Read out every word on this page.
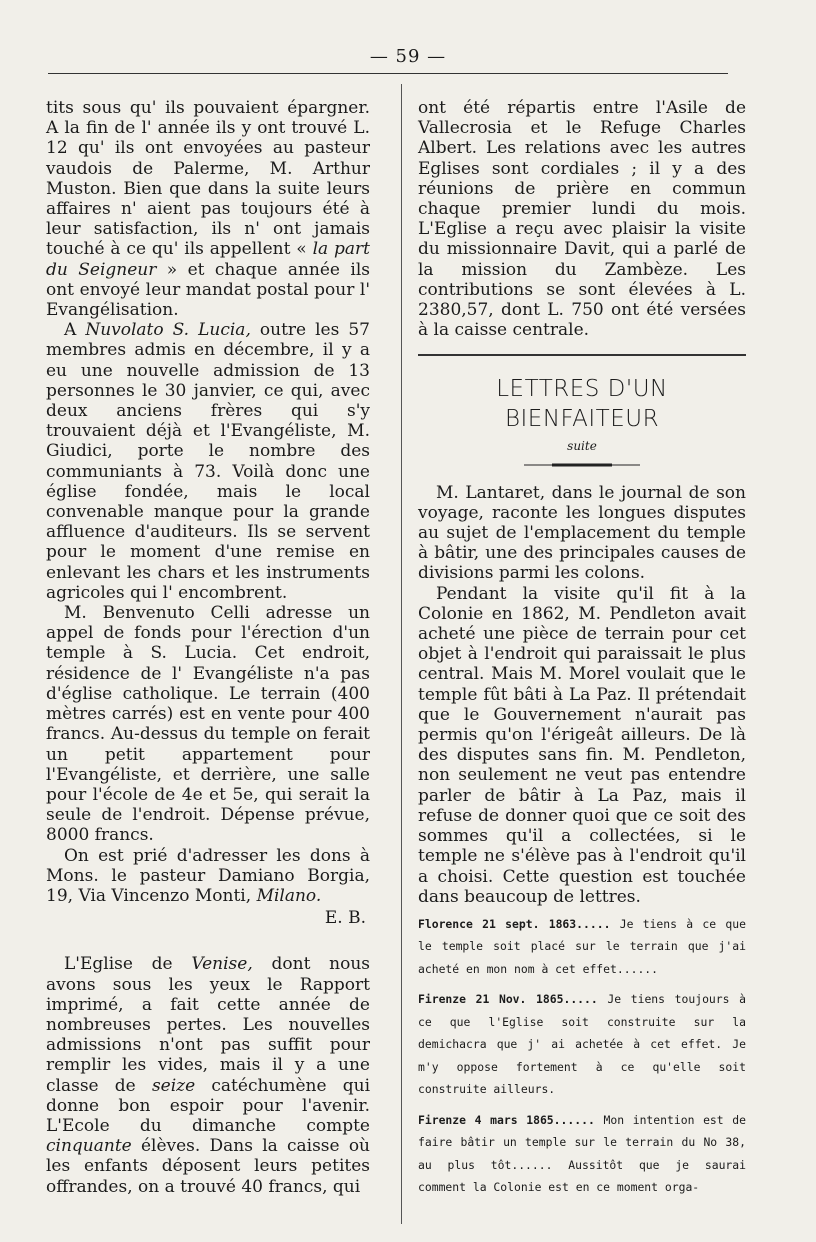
— 59 —

tits sous qu' ils pouvaient épargner. A la fin de l' année ils y ont trouvé L. 12 qu' ils ont envoyées au pasteur vaudois de Palerme, M. Arthur Muston. Bien que dans la suite leurs affaires n' aient pas toujours été à leur satisfaction, ils n' ont jamais touché à ce qu' ils appellent « la part du Seigneur » et chaque année ils ont envoyé leur mandat postal pour l' Evangélisation.

A Nuvolato S. Lucia, outre les 57 membres admis en décembre, il y a eu une nouvelle admission de 13 personnes le 30 janvier, ce qui, avec deux anciens frères qui s'y trouvaient déjà et l'Evangéliste, M. Giudici, porte le nombre des communiants à 73. Voilà donc une église fondée, mais le local convenable manque pour la grande affluence d'auditeurs. Ils se servent pour le moment d'une remise en enlevant les chars et les instruments agricoles qui l' encombrent.

M. Benvenuto Celli adresse un appel de fonds pour l'érection d'un temple à S. Lucia. Cet endroit, résidence de l' Evangéliste n'a pas d'église catholique. Le terrain (400 mètres carrés) est en vente pour 400 francs. Au-dessus du temple on ferait un petit appartement pour l'Evangéliste, et derrière, une salle pour l'école de 4e et 5e, qui serait la seule de l'endroit. Dépense prévue, 8000 francs.

On est prié d'adresser les dons à Mons. le pasteur Damiano Borgia, 19, Via Vincenzo Monti, Milano.

E. B.

L'Eglise de Venise, dont nous avons sous les yeux le Rapport imprimé, a fait cette année de nombreuses pertes. Les nouvelles admissions n'ont pas suffit pour remplir les vides, mais il y a une classe de seize catéchumène qui donne bon espoir pour l'avenir. L'Ecole du dimanche compte cinquante élèves. Dans la caisse où les enfants déposent leurs petites offrandes, on a trouvé 40 francs, qui

ont été répartis entre l'Asile de Vallecrosia et le Refuge Charles Albert. Les relations avec les autres Eglises sont cordiales ; il y a des réunions de prière en commun chaque premier lundi du mois. L'Eglise a reçu avec plaisir la visite du missionnaire Davit, qui a parlé de la mission du Zambèze. Les contributions se sont élevées à L. 2380,57, dont L. 750 ont été versées à la caisse centrale.

LETTRES D'UN BIENFAITEUR
suite

M. Lantaret, dans le journal de son voyage, raconte les longues disputes au sujet de l'emplacement du temple à bâtir, une des principales causes de divisions parmi les colons.

Pendant la visite qu'il fit à la Colonie en 1862, M. Pendleton avait acheté une pièce de terrain pour cet objet à l'endroit qui paraissait le plus central. Mais M. Morel voulait que le temple fût bâti à La Paz. Il prétendait que le Gouvernement n'aurait pas permis qu'on l'érigeât ailleurs. De là des disputes sans fin. M. Pendleton, non seulement ne veut pas entendre parler de bâtir à La Paz, mais il refuse de donner quoi que ce soit des sommes qu'il a collectées, si le temple ne s'élève pas à l'endroit qu'il a choisi. Cette question est touchée dans beaucoup de lettres.

Florence 21 sept. 1863..... Je tiens à ce que le temple soit placé sur le terrain que j'ai acheté en mon nom à cet effet......

Firenze 21 Nov. 1865..... Je tiens toujours à ce que l'Eglise soit construite sur la demichacra que j' ai achetée à cet effet. Je m'y oppose fortement à ce qu'elle soit construite ailleurs.

Firenze 4 mars 1865...... Mon intention est de faire bâtir un temple sur le terrain du No 38, au plus tôt...... Aussitôt que je saurai comment la Colonie est en ce moment orga-
